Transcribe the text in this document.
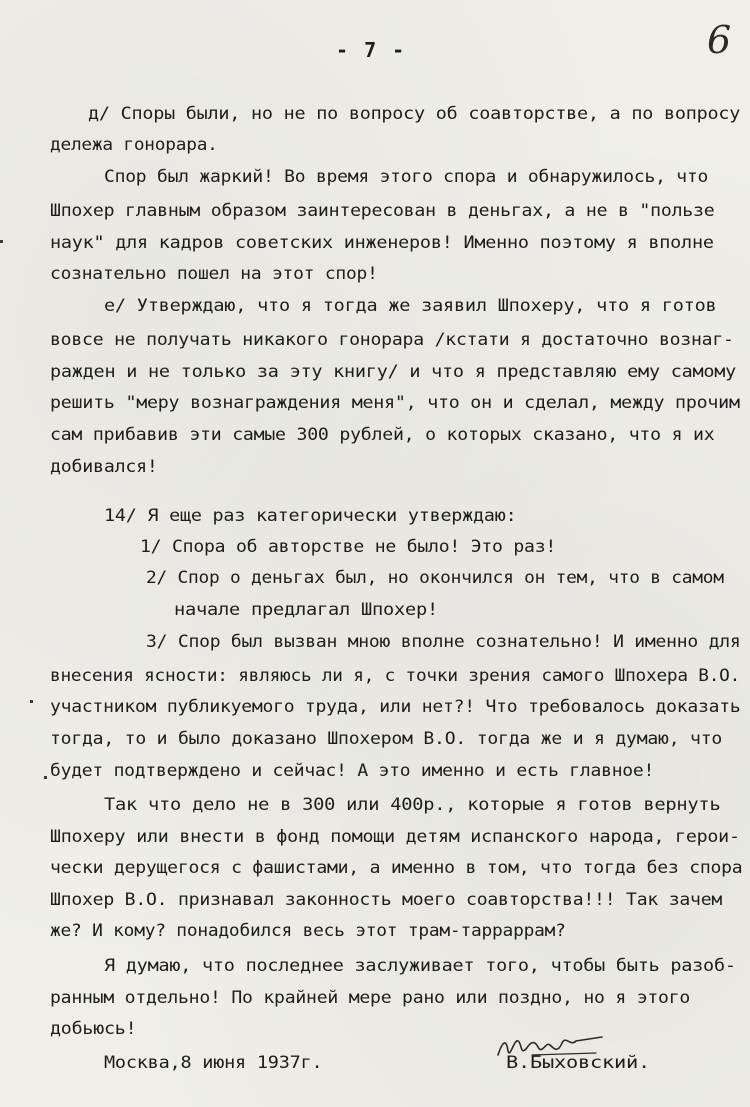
6
- 7 -
д/ Споры были, но не по вопросу об соавторстве, а по вопросу
дележа гонорара.
Спор был жаркий! Во время этого спора и обнаружилось, что
Шпохер главным образом заинтересован в деньгах, а не в "пользе
наук" для кадров советских инженеров! Именно поэтому я вполне
сознательно пошел на этот спор!
е/ Утверждаю, что я тогда же заявил Шпохеру, что я готов
вовсе не получать никакого гонорара /кстати я достаточно вознаг-
ражден и не только за эту книгу/ и что я представляю ему самому
решить "меру вознаграждения меня", что он и сделал, между прочим
сам прибавив эти самые 300 рублей, о которых сказано, что я их
добивался!
14/ Я еще раз категорически утверждаю:
1/ Спора об авторстве не было! Это раз!
2/ Спор о деньгах был, но окончился он тем, что в самом
начале предлагал Шпохер!
3/ Спор был вызван мною вполне сознательно! И именно для
внесения ясности: являюсь ли я, с точки зрения самого Шпохера В.О.
участником публикуемого труда, или нет?! Что требовалось доказать
тогда, то и было доказано Шпохером В.О. тогда же и я думаю, что
будет подтверждено и сейчас! А это именно и есть главное!
Так что дело не в 300 или 400р., которые я готов вернуть
Шпохеру или внести в фонд помощи детям испанского народа, герои-
чески дерущегося с фашистами, а именно в том, что тогда без спора
Шпохер В.О. признавал законность моего соавторства!!! Так зачем
же? И кому? понадобился весь этот трам-тарраррам?
Я думаю, что последнее заслуживает того, чтобы быть разоб-
ранным отдельно! По крайней мере рано или поздно, но я этого
добьюсь!
Москва,8 июня 1937г.	В.Быховский.
